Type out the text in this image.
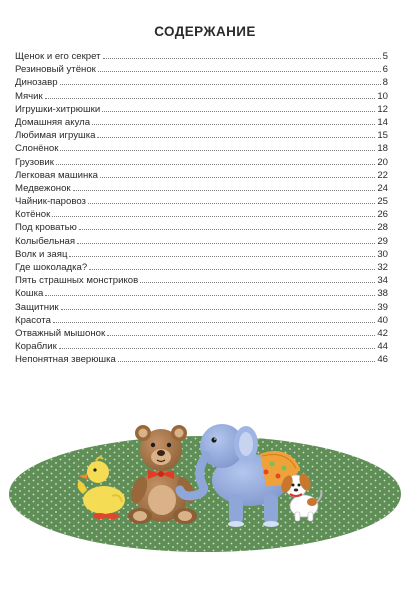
СОДЕРЖАНИЕ
Щенок и его секрет	5
Резиновый утёнок	6
Динозавр	8
Мячик	10
Игрушки-хитрюшки	12
Домашняя акула	14
Любимая игрушка	15
Слонёнок	18
Грузовик	20
Легковая машинка	22
Медвежонок	24
Чайник-паровоз	25
Котёнок	26
Под кроватью	28
Колыбельная	29
Волк и заяц	30
Где шоколадка?	32
Пять страшных монстриков	34
Кошка	38
Защитник	39
Красота	40
Отважный мышонок	42
Кораблик	44
Непонятная зверюшка	46
